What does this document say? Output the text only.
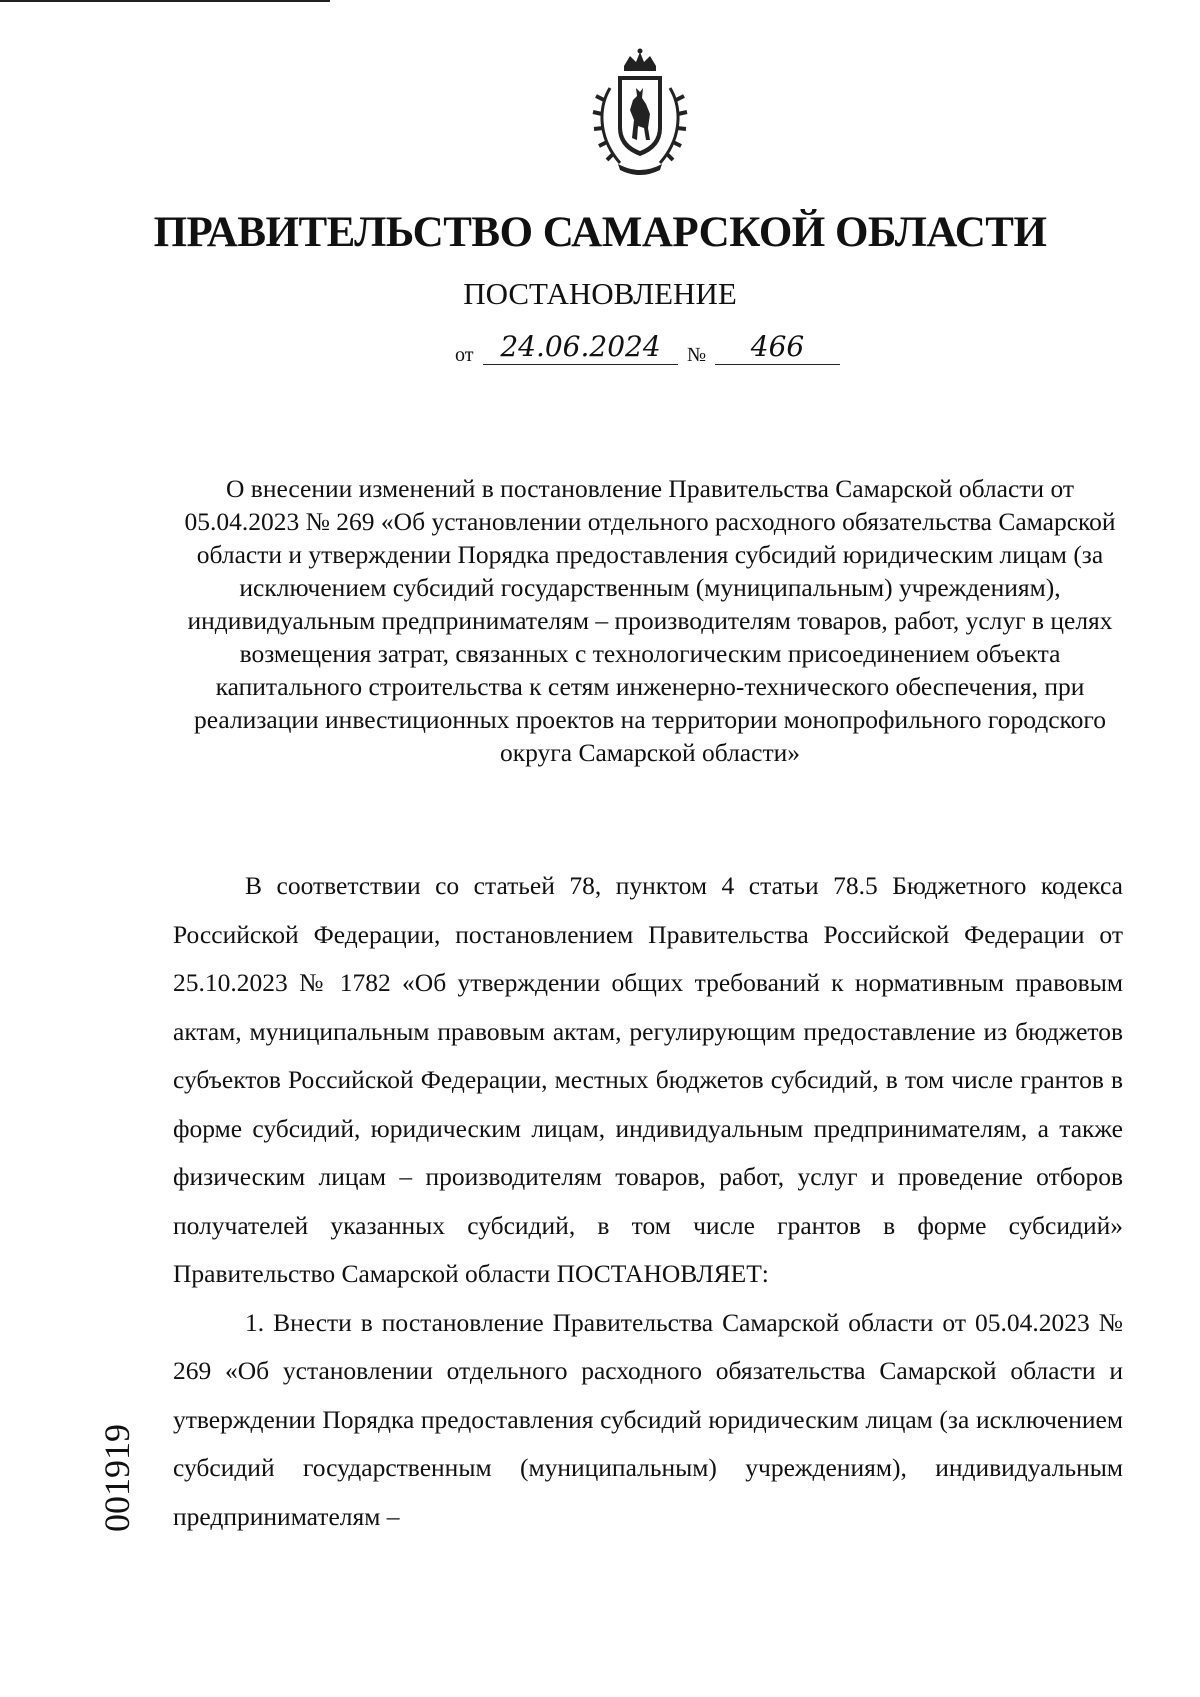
ПРАВИТЕЛЬСТВО САМАРСКОЙ ОБЛАСТИ
ПОСТАНОВЛЕНИЕ
от 24.06.2024	№	466
О внесении изменений в постановление Правительства Самарской области от 05.04.2023 № 269 «Об установлении отдельного расходного обязательства Самарской области и утверждении Порядка предоставления субсидий юридическим лицам (за исключением субсидий государственным (муниципальным) учреждениям), индивидуальным предпринимателям – производителям товаров, работ, услуг в целях возмещения затрат, связанных с технологическим присоединением объекта капитального строительства к сетям инженерно-технического обеспечения, при реализации инвестиционных проектов на территории монопрофильного городского округа Самарской области»

В соответствии со статьей 78, пунктом 4 статьи 78.5 Бюджетного кодекса Российской Федерации, постановлением Правительства Российской Федерации от 25.10.2023 № 1782 «Об утверждении общих требований к нормативным правовым актам, муниципальным правовым актам, регулирующим предоставление из бюджетов субъектов Российской Федерации, местных бюджетов субсидий, в том числе грантов в форме субсидий, юридическим лицам, индивидуальным предпринимателям, а также физическим лицам – производителям товаров, работ, услуг и проведение отборов получателей указанных субсидий, в том числе грантов в форме субсидий» Правительство Самарской области ПОСТАНОВЛЯЕТ:

1. Внести в постановление Правительства Самарской области от 05.04.2023 № 269 «Об установлении отдельного расходного обязательства Самарской области и утверждении Порядка предоставления субсидий юридическим лицам (за исключением субсидий государственным (муниципальным) учреждениям), индивидуальным предпринимателям –

001919
